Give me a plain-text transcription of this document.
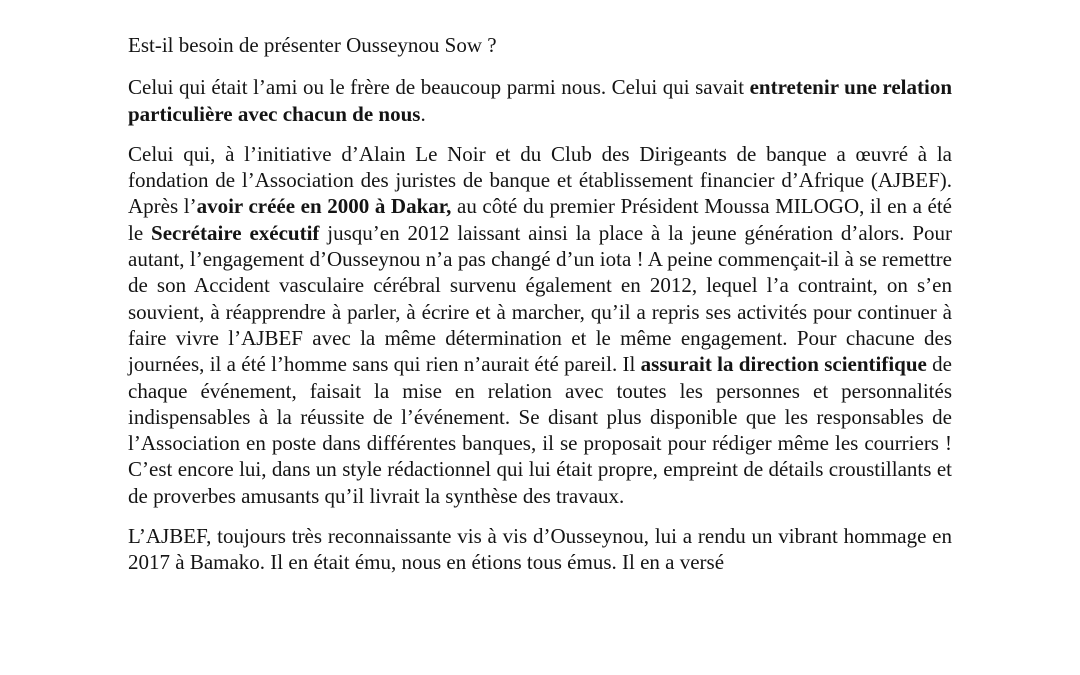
Est-il besoin de présenter Ousseynou Sow ?

Celui qui était l’ami ou le frère de beaucoup parmi nous. Celui qui savait entretenir une relation particulière avec chacun de nous.

Celui qui, à l’initiative d’Alain Le Noir et du Club des Dirigeants de banque a œuvré à la fondation de l’Association des juristes de banque et établissement financier d’Afrique (AJBEF). Après l’avoir créée en 2000 à Dakar, au côté du premier Président Moussa MILOGO, il en a été le Secrétaire exécutif jusqu’en 2012 laissant ainsi la place à la jeune génération d’alors. Pour autant, l’engagement d’Ousseynou n’a pas changé d’un iota ! A peine commençait-il à se remettre de son Accident vasculaire cérébral survenu également en 2012, lequel l’a contraint, on s’en souvient, à réapprendre à parler, à écrire et à marcher, qu’il a repris ses activités pour continuer à faire vivre l’AJBEF avec la même détermination et le même engagement. Pour chacune des journées, il a été l’homme sans qui rien n’aurait été pareil. Il assurait la direction scientifique de chaque événement, faisait la mise en relation avec toutes les personnes et personnalités indispensables à la réussite de l’événement. Se disant plus disponible que les responsables de l’Association en poste dans différentes banques, il se proposait pour rédiger même les courriers ! C’est encore lui, dans un style rédactionnel qui lui était propre, empreint de détails croustillants et de proverbes amusants qu’il livrait la synthèse des travaux.

L’AJBEF, toujours très reconnaissante vis à vis d’Ousseynou, lui a rendu un vibrant hommage en 2017 à Bamako. Il en était ému, nous en étions tous émus. Il en a versé
